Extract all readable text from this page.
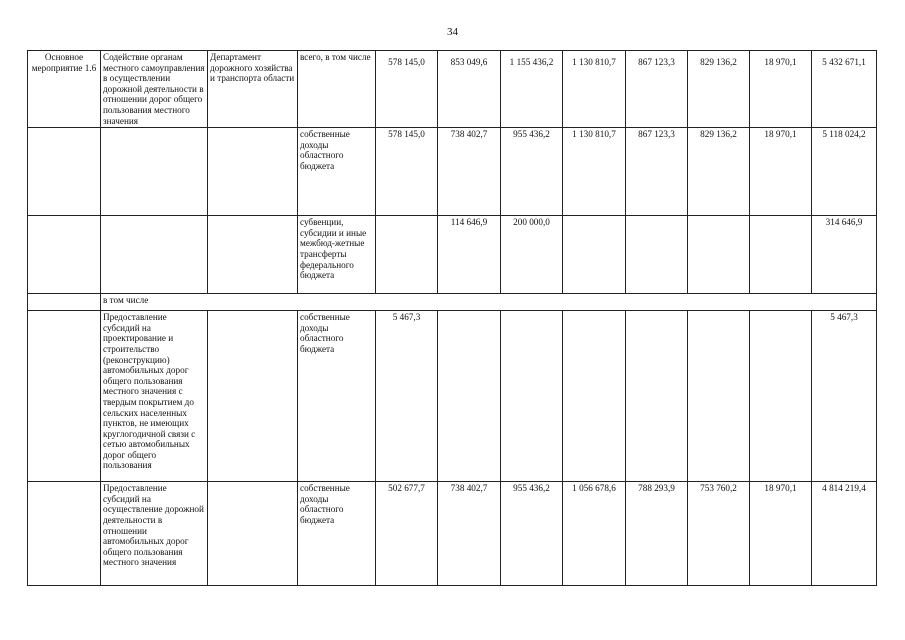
34
Основное мероприятие 1.6	Содействие органам местного самоуправления в осуществлении дорожной деятельности в отношении дорог общего пользования местного значения	Департамент дорожного хозяйства и транспорта области	всего, в том числе	578 145,0	853 049,6	1 155 436,2	1 130 810,7	867 123,3	829 136,2	18 970,1	5 432 671,1
			собственные доходы областного бюджета	578 145,0	738 402,7	955 436,2	1 130 810,7	867 123,3	829 136,2	18 970,1	5 118 024,2
			субвенции, субсидии и иные межбюд-жетные трансферты федерального бюджета		114 646,9	200 000,0					314 646,9
	в том числе										
	Предоставление субсидий на проектирование и строительство (реконструкцию) автомобильных дорог общего пользования местного значения с твердым покрытием до сельских населенных пунктов, не имеющих круглогодичной связи с сетью автомобильных дорог общего пользования		собственные доходы областного бюджета	5 467,3							5 467,3
	Предоставление субсидий на осуществление дорожной деятельности в отношении автомобильных дорог общего пользования местного значения		собственные доходы областного бюджета	502 677,7	738 402,7	955 436,2	1 056 678,6	788 293,9	753 760,2	18 970,1	4 814 219,4
